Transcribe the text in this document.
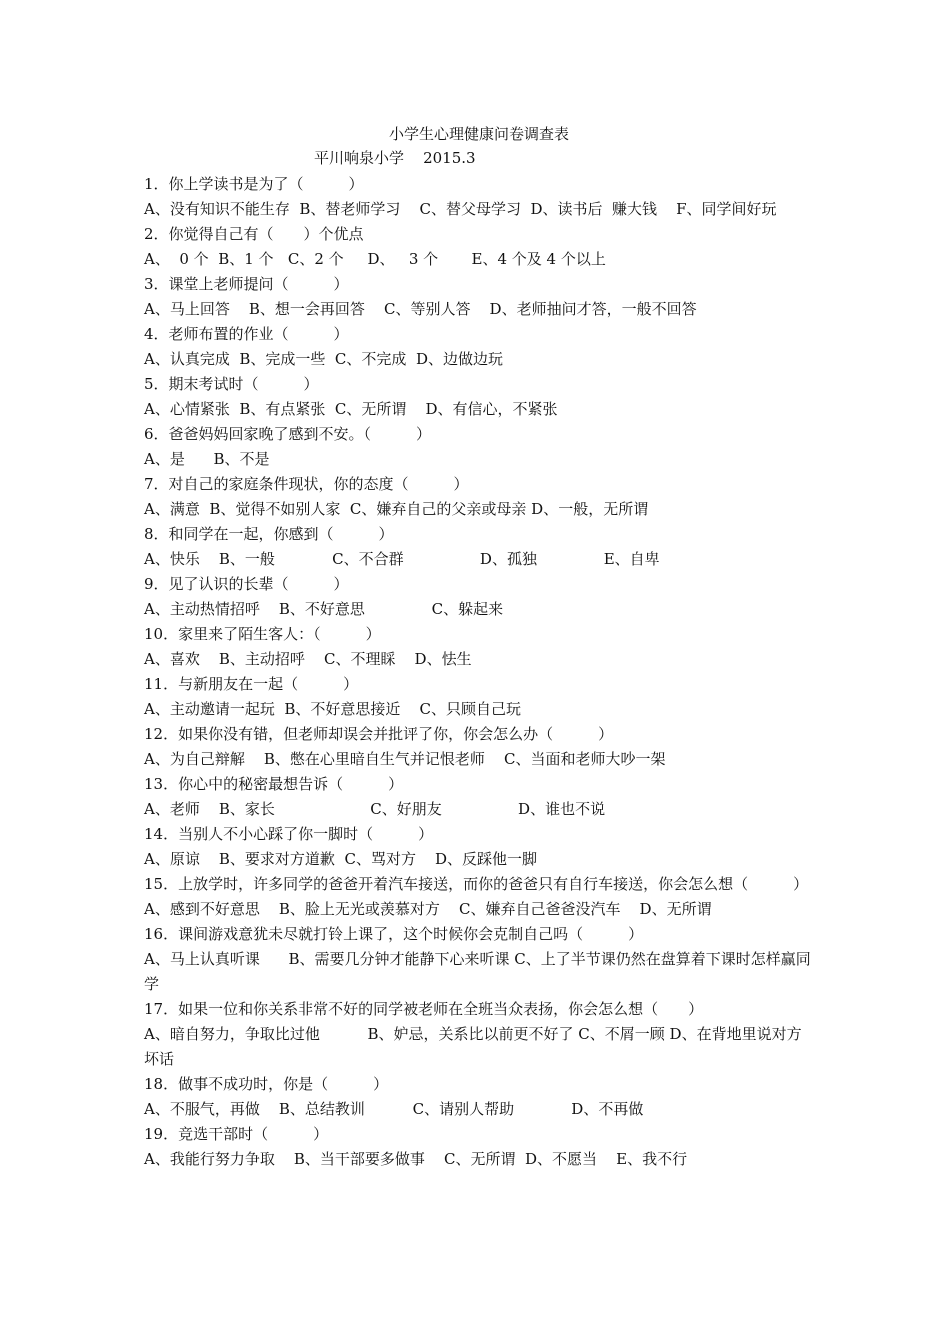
小学生心理健康问卷调查表
平川响泉小学    2015.3
1．你上学读书是为了（　　　）
A、没有知识不能生存  B、替老师学习    C、替父母学习  D、读书后  赚大钱    F、同学间好玩
2．你觉得自己有（　　）个优点
A、  0 个  B、1 个   C、2 个     D、   3 个       E、4 个及 4 个以上
3．课堂上老师提问（　　　）
A、马上回答    B、想一会再回答    C、等别人答    D、老师抽问才答，一般不回答
4．老师布置的作业（　　　）
A、认真完成  B、完成一些  C、不完成  D、边做边玩
5．期末考试时（　　　）
A、心情紧张  B、有点紧张  C、无所谓    D、有信心，不紧张
6．爸爸妈妈回家晚了感到不安。（　　　）
A、是      B、不是
7．对自己的家庭条件现状，你的态度（　　　）
A、满意  B、觉得不如别人家  C、嫌弃自己的父亲或母亲 D、一般，无所谓
8．和同学在一起，你感到（　　　）
A、快乐    B、一般            C、不合群                D、孤独              E、自卑
9．见了认识的长辈（　　　）
A、主动热情招呼    B、不好意思              C、躲起来
10．家里来了陌生客人：（　　　）
A、喜欢    B、主动招呼    C、不理睬    D、怯生
11．与新朋友在一起（　　　）
A、主动邀请一起玩  B、不好意思接近    C、只顾自己玩
12．如果你没有错，但老师却误会并批评了你，你会怎么办（　　　）
A、为自己辩解    B、憋在心里暗自生气并记恨老师    C、当面和老师大吵一架
13．你心中的秘密最想告诉（　　　）
A、老师    B、家长                    C、好朋友                D、谁也不说
14．当别人不小心踩了你一脚时（　　　）
A、原谅    B、要求对方道歉  C、骂对方    D、反踩他一脚
15．上放学时，许多同学的爸爸开着汽车接送，而你的爸爸只有自行车接送，你会怎么想（　　　）
A、感到不好意思    B、脸上无光或羡慕对方    C、嫌弃自己爸爸没汽车    D、无所谓
16．课间游戏意犹未尽就打铃上课了，这个时候你会克制自己吗（　　　）
A、马上认真听课      B、需要几分钟才能静下心来听课 C、上了半节课仍然在盘算着下课时怎样赢同学
17．如果一位和你关系非常不好的同学被老师在全班当众表扬，你会怎么想（　　）
A、暗自努力，争取比过他          B、妒忌，关系比以前更不好了 C、不屑一顾 D、在背地里说对方坏话
18．做事不成功时，你是（　　　）
A、不服气，再做    B、总结教训          C、请别人帮助            D、不再做
19．竞选干部时（　　　）
A、我能行努力争取    B、当干部要多做事    C、无所谓  D、不愿当    E、我不行
